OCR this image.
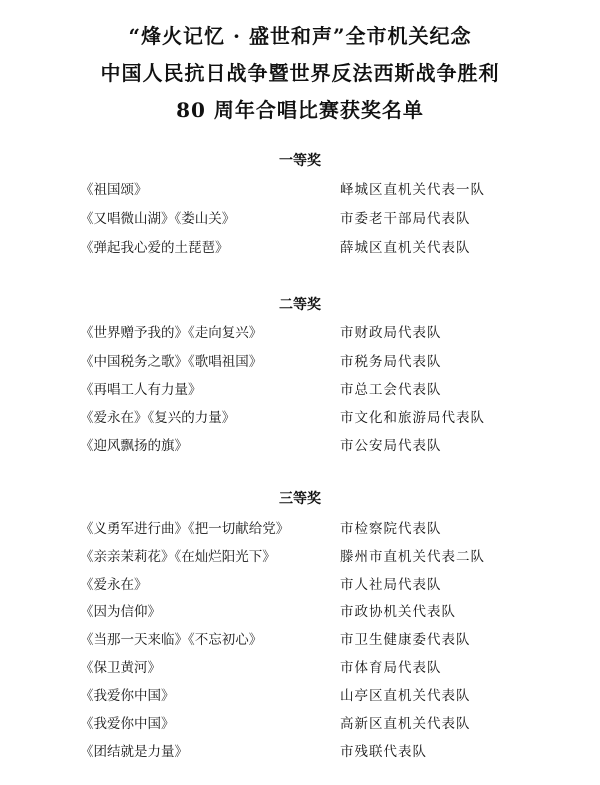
“烽火记忆 · 盛世和声”全市机关纪念
中国人民抗日战争暨世界反法西斯战争胜利
80 周年合唱比赛获奖名单
一等奖
《祖国颂》	峄城区直机关代表一队
《又唱微山湖》《娄山关》	市委老干部局代表队
《弹起我心爱的土琵琶》	薛城区直机关代表队
二等奖
《世界赠予我的》《走向复兴》	市财政局代表队
《中国税务之歌》《歌唱祖国》	市税务局代表队
《再唱工人有力量》	市总工会代表队
《爱永在》《复兴的力量》	市文化和旅游局代表队
《迎风飘扬的旗》	市公安局代表队
三等奖
《义勇军进行曲》《把一切献给党》	市检察院代表队
《亲亲茉莉花》《在灿烂阳光下》	滕州市直机关代表二队
《爱永在》	市人社局代表队
《因为信仰》	市政协机关代表队
《当那一天来临》《不忘初心》	市卫生健康委代表队
《保卫黄河》	市体育局代表队
《我爱你中国》	山亭区直机关代表队
《我爱你中国》	高新区直机关代表队
《团结就是力量》	市残联代表队
